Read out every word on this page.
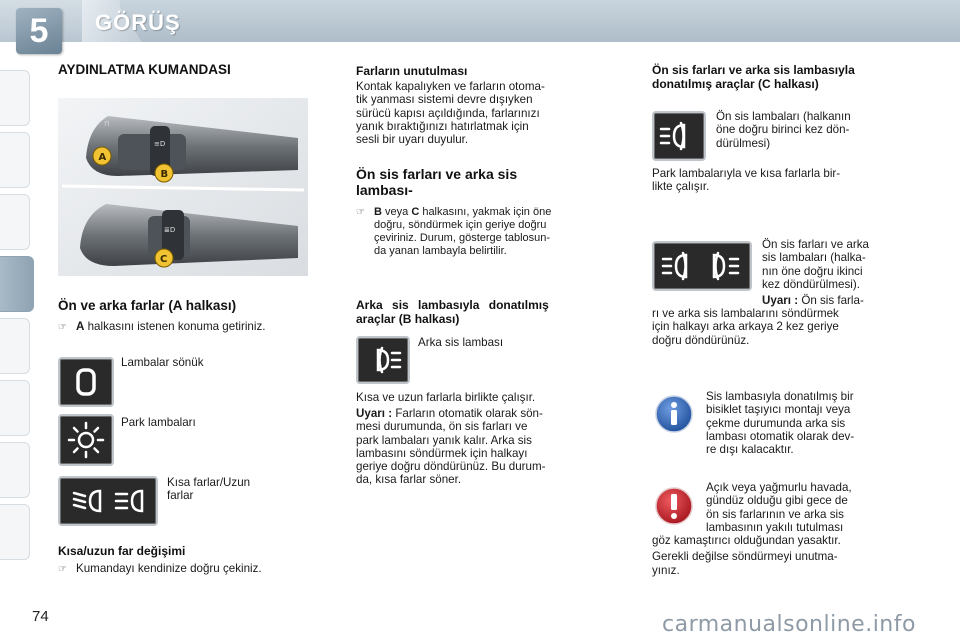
5	GÖRÜŞ
AYDINLATMA KUMANDASI
≡D
⊓
A
B
≣D
C
Ön ve arka farlar (A halkası)
☞ A halkasını istenen konuma getiriniz.
Lambalar sönük
Park lambaları
Kısa farlar/Uzun
farlar
Kısa/uzun far değişimi
☞ Kumandayı kendinize doğru çekiniz.
Farların unutulması
Kontak kapalıyken ve farların otoma-
tik yanması sistemi devre dışıyken
sürücü kapısı açıldığında, farlarınızı
yanık bıraktığınızı hatırlatmak için
sesli bir uyarı duyulur.
Ön sis farları ve arka sis
lambası-
☞ B veya C halkasını, yakmak için öne
doğru, söndürmek için geriye doğru
çeviriniz. Durum, gösterge tablosun-
da yanan lambayla belirtilir.
Arka sis lambasıyla donatılmış
araçlar (B halkası)
Arka sis lambası
Kısa ve uzun farlarla birlikte çalışır.
Uyarı : Farların otomatik olarak sön-
mesi durumunda, ön sis farları ve
park lambaları yanık kalır. Arka sis
lambasını söndürmek için halkayı
geriye doğru döndürünüz. Bu durum-
da, kısa farlar söner.
Ön sis farları ve arka sis lambasıyla
donatılmış araçlar (C halkası)
Ön sis lambaları (halkanın
öne doğru birinci kez dön-
dürülmesi)
Park lambalarıyla ve kısa farlarla bir-
likte çalışır.
Ön sis farları ve arka
sis lambaları (halka-
nın öne doğru ikinci
kez döndürülmesi).
Uyarı : Ön sis farla-
rı ve arka sis lambalarını söndürmek
için halkayı arka arkaya 2 kez geriye
doğru döndürünüz.
Sis lambasıyla donatılmış bir
bisiklet taşıyıcı montajı veya
çekme durumunda arka sis
lambası otomatik olarak dev-
re dışı kalacaktır.
Açık veya yağmurlu havada,
gündüz olduğu gibi gece de
ön sis farlarının ve arka sis
lambasının yakılı tutulması
göz kamaştırıcı olduğundan yasaktır.
Gerekli değilse söndürmeyi unutma-
yınız.
74	carmanualsonline.info
